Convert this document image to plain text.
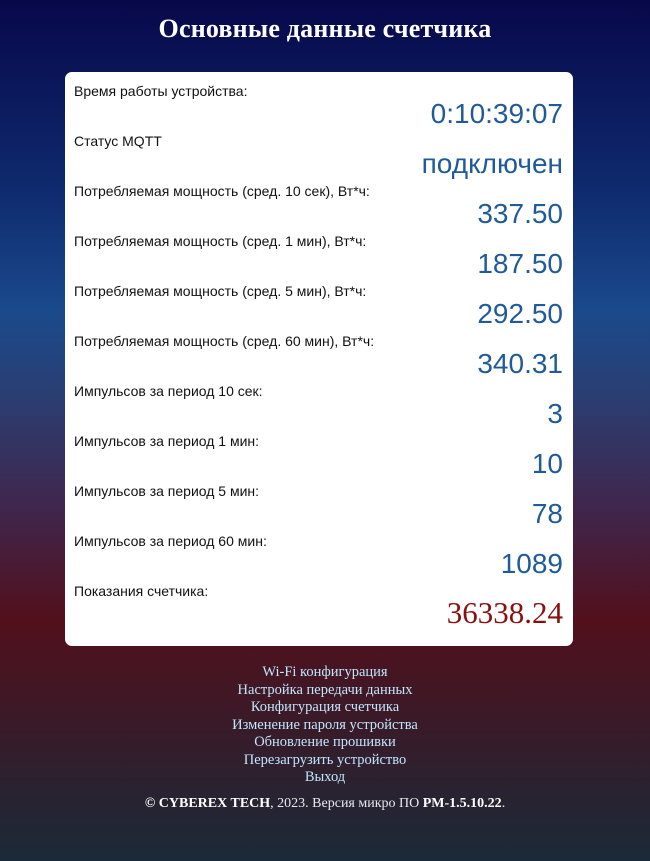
Основные данные счетчика
Время работы устройства:
0:10:39:07
Статус MQTT
подключен
Потребляемая мощность (сред. 10 сек), Вт*ч:
337.50
Потребляемая мощность (сред. 1 мин), Вт*ч:
187.50
Потребляемая мощность (сред. 5 мин), Вт*ч:
292.50
Потребляемая мощность (сред. 60 мин), Вт*ч:
340.31
Импульсов за период 10 сек:
3
Импульсов за период 1 мин:
10
Импульсов за период 5 мин:
78
Импульсов за период 60 мин:
1089
Показания счетчика:
36338.24
Wi-Fi конфигурация
Настройка передачи данных
Конфигурация счетчика
Изменение пароля устройства
Обновление прошивки
Перезагрузить устройство
Выход
© CYBEREX TECH, 2023. Версия микро ПО PM-1.5.10.22.
